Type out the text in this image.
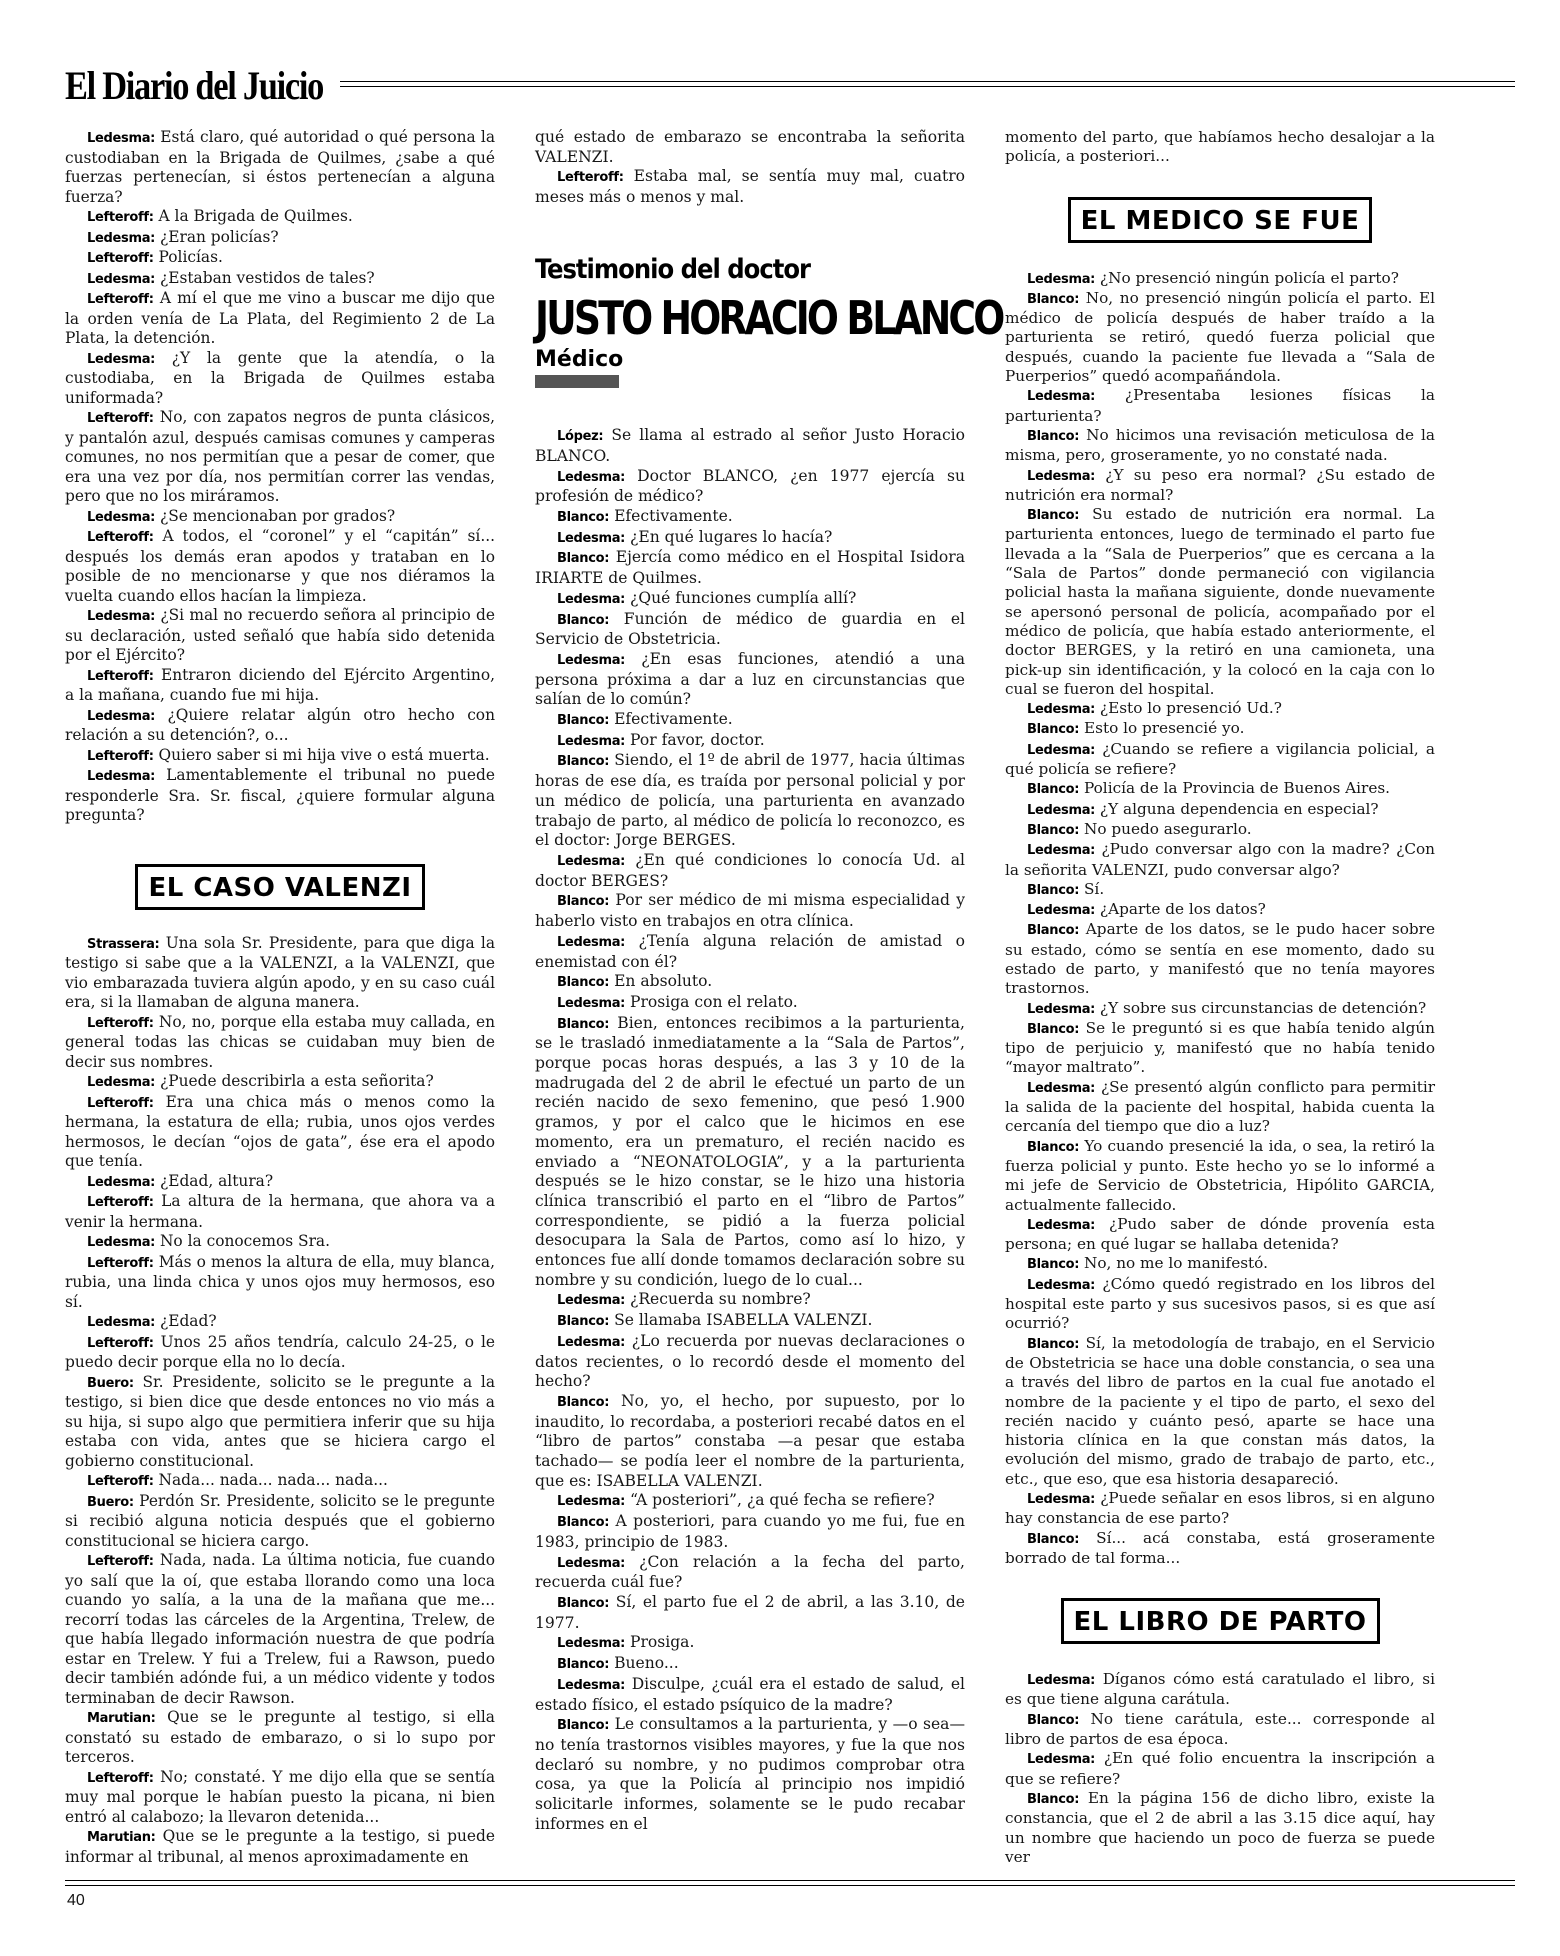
El Diario del Juicio

Ledesma: Está claro, qué autoridad o qué persona la custodiaban en la Brigada de Quilmes, ¿sabe a qué fuerzas pertenecían, si éstos pertenecían a alguna fuerza?

Lefteroff: A la Brigada de Quilmes.

Ledesma: ¿Eran policías?

Lefteroff: Policías.

Ledesma: ¿Estaban vestidos de tales?

Lefteroff: A mí el que me vino a buscar me dijo que la orden venía de La Plata, del Regimiento 2 de La Plata, la detención.

Ledesma: ¿Y la gente que la atendía, o la custodiaba, en la Brigada de Quilmes estaba uniformada?

Lefteroff: No, con zapatos negros de punta clásicos, y pantalón azul, después camisas comunes y camperas comunes, no nos permitían que a pesar de comer, que era una vez por día, nos permitían correr las vendas, pero que no los miráramos.

Ledesma: ¿Se mencionaban por grados?

Lefteroff: A todos, el “coronel” y el “capitán” sí... después los demás eran apodos y trataban en lo posible de no mencionarse y que nos diéramos la vuelta cuando ellos hacían la limpieza.

Ledesma: ¿Si mal no recuerdo señora al principio de su declaración, usted señaló que había sido detenida por el Ejército?

Lefteroff: Entraron diciendo del Ejército Argentino, a la mañana, cuando fue mi hija.

Ledesma: ¿Quiere relatar algún otro hecho con relación a su detención?, o...

Lefteroff: Quiero saber si mi hija vive o está muerta.

Ledesma: Lamentablemente el tribunal no puede responderle Sra. Sr. fiscal, ¿quiere formular alguna pregunta?

EL CASO VALENZI

Strassera: Una sola Sr. Presidente, para que diga la testigo si sabe que a la VALENZI, a la VALENZI, que vio embarazada tuviera algún apodo, y en su caso cuál era, si la llamaban de alguna manera.

Lefteroff: No, no, porque ella estaba muy callada, en general todas las chicas se cuidaban muy bien de decir sus nombres.

Ledesma: ¿Puede describirla a esta señorita?

Lefteroff: Era una chica más o menos como la hermana, la estatura de ella; rubia, unos ojos verdes hermosos, le decían “ojos de gata”, ése era el apodo que tenía.

Ledesma: ¿Edad, altura?

Lefteroff: La altura de la hermana, que ahora va a venir la hermana.

Ledesma: No la conocemos Sra.

Lefteroff: Más o menos la altura de ella, muy blanca, rubia, una linda chica y unos ojos muy hermosos, eso sí.

Ledesma: ¿Edad?

Lefteroff: Unos 25 años tendría, calculo 24-25, o le puedo decir porque ella no lo decía.

Buero: Sr. Presidente, solicito se le pregunte a la testigo, si bien dice que desde entonces no vio más a su hija, si supo algo que permitiera inferir que su hija estaba con vida, antes que se hiciera cargo el gobierno constitucional.

Lefteroff: Nada... nada... nada... nada...

Buero: Perdón Sr. Presidente, solicito se le pregunte si recibió alguna noticia después que el gobierno constitucional se hiciera cargo.

Lefteroff: Nada, nada. La última noticia, fue cuando yo salí que la oí, que estaba llorando como una loca cuando yo salía, a la una de la mañana que me... recorrí todas las cárceles de la Argentina, Trelew, de que había llegado información nuestra de que podría estar en Trelew. Y fui a Trelew, fui a Rawson, puedo decir también adónde fui, a un médico vidente y todos terminaban de decir Rawson.

Marutian: Que se le pregunte al testigo, si ella constató su estado de embarazo, o si lo supo por terceros.

Lefteroff: No; constaté. Y me dijo ella que se sentía muy mal porque le habían puesto la picana, ni bien entró al calabozo; la llevaron detenida...

Marutian: Que se le pregunte a la testigo, si puede informar al tribunal, al menos aproximadamente en

qué estado de embarazo se encontraba la señorita VALENZI.

Lefteroff: Estaba mal, se sentía muy mal, cuatro meses más o menos y mal.

Testimonio del doctor
JUSTO HORACIO BLANCO
Médico

López: Se llama al estrado al señor Justo Horacio BLANCO.

Ledesma: Doctor BLANCO, ¿en 1977 ejercía su profesión de médico?

Blanco: Efectivamente.

Ledesma: ¿En qué lugares lo hacía?

Blanco: Ejercía como médico en el Hospital Isidora IRIARTE de Quilmes.

Ledesma: ¿Qué funciones cumplía allí?

Blanco: Función de médico de guardia en el Servicio de Obstetricia.

Ledesma: ¿En esas funciones, atendió a una persona próxima a dar a luz en circunstancias que salían de lo común?

Blanco: Efectivamente.

Ledesma: Por favor, doctor.

Blanco: Siendo, el 1º de abril de 1977, hacia últimas horas de ese día, es traída por personal policial y por un médico de policía, una parturienta en avanzado trabajo de parto, al médico de policía lo reconozco, es el doctor: Jorge BERGES.

Ledesma: ¿En qué condiciones lo conocía Ud. al doctor BERGES?

Blanco: Por ser médico de mi misma especialidad y haberlo visto en trabajos en otra clínica.

Ledesma: ¿Tenía alguna relación de amistad o enemistad con él?

Blanco: En absoluto.

Ledesma: Prosiga con el relato.

Blanco: Bien, entonces recibimos a la parturienta, se le trasladó inmediatamente a la “Sala de Partos”, porque pocas horas después, a las 3 y 10 de la madrugada del 2 de abril le efectué un parto de un recién nacido de sexo femenino, que pesó 1.900 gramos, y por el calco que le hicimos en ese momento, era un prematuro, el recién nacido es enviado a “NEONATOLOGIA”, y a la parturienta después se le hizo constar, se le hizo una historia clínica transcribió el parto en el “libro de Partos” correspondiente, se pidió a la fuerza policial desocupara la Sala de Partos, como así lo hizo, y entonces fue allí donde tomamos declaración sobre su nombre y su condición, luego de lo cual...

Ledesma: ¿Recuerda su nombre?

Blanco: Se llamaba ISABELLA VALENZI.

Ledesma: ¿Lo recuerda por nuevas declaraciones o datos recientes, o lo recordó desde el momento del hecho?

Blanco: No, yo, el hecho, por supuesto, por lo inaudito, lo recordaba, a posteriori recabé datos en el “libro de partos” constaba —a pesar que estaba tachado— se podía leer el nombre de la parturienta, que es: ISABELLA VALENZI.

Ledesma: “A posteriori”, ¿a qué fecha se refiere?

Blanco: A posteriori, para cuando yo me fui, fue en 1983, principio de 1983.

Ledesma: ¿Con relación a la fecha del parto, recuerda cuál fue?

Blanco: Sí, el parto fue el 2 de abril, a las 3.10, de 1977.

Ledesma: Prosiga.

Blanco: Bueno...

Ledesma: Disculpe, ¿cuál era el estado de salud, el estado físico, el estado psíquico de la madre?

Blanco: Le consultamos a la parturienta, y —o sea— no tenía trastornos visibles mayores, y fue la que nos declaró su nombre, y no pudimos comprobar otra cosa, ya que la Policía al principio nos impidió solicitarle informes, solamente se le pudo recabar informes en el

momento del parto, que habíamos hecho desalojar a la policía, a posteriori...

EL MEDICO SE FUE

Ledesma: ¿No presenció ningún policía el parto?

Blanco: No, no presenció ningún policía el parto. El médico de policía después de haber traído a la parturienta se retiró, quedó fuerza policial que después, cuando la paciente fue llevada a “Sala de Puerperios” quedó acompañándola.

Ledesma: ¿Presentaba lesiones físicas la parturienta?

Blanco: No hicimos una revisación meticulosa de la misma, pero, groseramente, yo no constaté nada.

Ledesma: ¿Y su peso era normal? ¿Su estado de nutrición era normal?

Blanco: Su estado de nutrición era normal. La parturienta entonces, luego de terminado el parto fue llevada a la “Sala de Puerperios” que es cercana a la “Sala de Partos” donde permaneció con vigilancia policial hasta la mañana siguiente, donde nuevamente se apersonó personal de policía, acompañado por el médico de policía, que había estado anteriormente, el doctor BERGES, y la retiró en una camioneta, una pick-up sin identificación, y la colocó en la caja con lo cual se fueron del hospital.

Ledesma: ¿Esto lo presenció Ud.?

Blanco: Esto lo presencié yo.

Ledesma: ¿Cuando se refiere a vigilancia policial, a qué policía se refiere?

Blanco: Policía de la Provincia de Buenos Aires.

Ledesma: ¿Y alguna dependencia en especial?

Blanco: No puedo asegurarlo.

Ledesma: ¿Pudo conversar algo con la madre? ¿Con la señorita VALENZI, pudo conversar algo?

Blanco: Sí.

Ledesma: ¿Aparte de los datos?

Blanco: Aparte de los datos, se le pudo hacer sobre su estado, cómo se sentía en ese momento, dado su estado de parto, y manifestó que no tenía mayores trastornos.

Ledesma: ¿Y sobre sus circunstancias de detención?

Blanco: Se le preguntó si es que había tenido algún tipo de perjuicio y, manifestó que no había tenido “mayor maltrato”.

Ledesma: ¿Se presentó algún conflicto para permitir la salida de la paciente del hospital, habida cuenta la cercanía del tiempo que dio a luz?

Blanco: Yo cuando presencié la ida, o sea, la retiró la fuerza policial y punto. Este hecho yo se lo informé a mi jefe de Servicio de Obstetricia, Hipólito GARCIA, actualmente fallecido.

Ledesma: ¿Pudo saber de dónde provenía esta persona; en qué lugar se hallaba detenida?

Blanco: No, no me lo manifestó.

Ledesma: ¿Cómo quedó registrado en los libros del hospital este parto y sus sucesivos pasos, si es que así ocurrió?

Blanco: Sí, la metodología de trabajo, en el Servicio de Obstetricia se hace una doble constancia, o sea una a través del libro de partos en la cual fue anotado el nombre de la paciente y el tipo de parto, el sexo del recién nacido y cuánto pesó, aparte se hace una historia clínica en la que constan más datos, la evolución del mismo, grado de trabajo de parto, etc., etc., que eso, que esa historia desapareció.

Ledesma: ¿Puede señalar en esos libros, si en alguno hay constancia de ese parto?

Blanco: Sí... acá constaba, está groseramente borrado de tal forma...

EL LIBRO DE PARTO

Ledesma: Díganos cómo está caratulado el libro, si es que tiene alguna carátula.

Blanco: No tiene carátula, este... corresponde al libro de partos de esa época.

Ledesma: ¿En qué folio encuentra la inscripción a que se refiere?

Blanco: En la página 156 de dicho libro, existe la constancia, que el 2 de abril a las 3.15 dice aquí, hay un nombre que haciendo un poco de fuerza se puede ver

40
